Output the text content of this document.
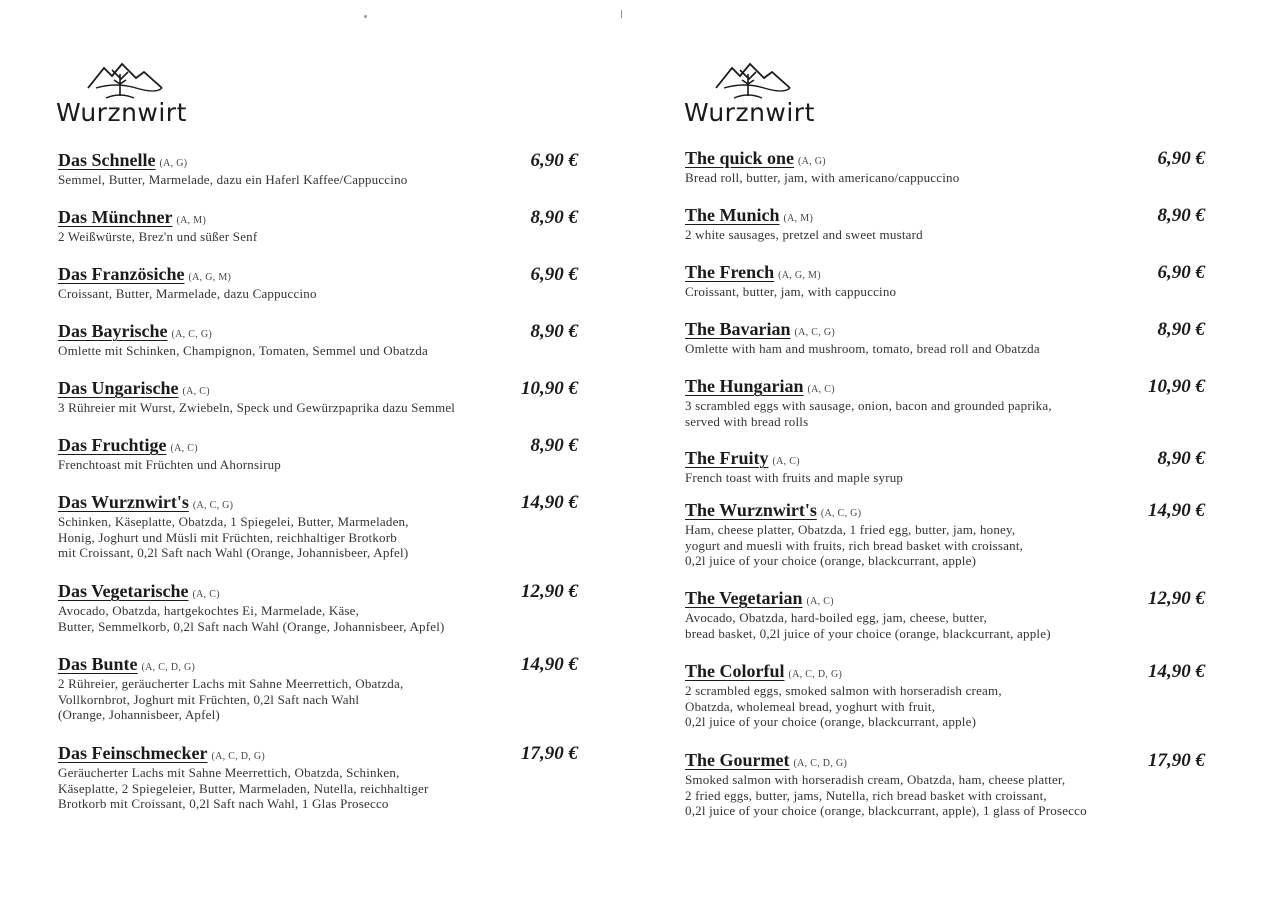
Wurznwirt
Das Schnelle (A, G)	6,90 €
Semmel, Butter, Marmelade, dazu ein Haferl Kaffee/Cappuccino
Das Münchner (A, M)	8,90 €
2 Weißwürste, Brez'n und süßer Senf
Das Französiche (A, G, M)	6,90 €
Croissant, Butter, Marmelade, dazu Cappuccino
Das Bayrische (A, C, G)	8,90 €
Omlette mit Schinken, Champignon, Tomaten, Semmel und Obatzda
Das Ungarische (A, C)	10,90 €
3 Rühreier mit Wurst, Zwiebeln, Speck und Gewürzpaprika dazu Semmel
Das Fruchtige (A, C)	8,90 €
Frenchtoast mit Früchten und Ahornsirup
Das Wurznwirt's (A, C, G)	14,90 €
Schinken, Käseplatte, Obatzda, 1 Spiegelei, Butter, Marmeladen,
Honig, Joghurt und Müsli mit Früchten, reichhaltiger Brotkorb
mit Croissant, 0,2l Saft nach Wahl (Orange, Johannisbeer, Apfel)
Das Vegetarische (A, C)	12,90 €
Avocado, Obatzda, hartgekochtes Ei, Marmelade, Käse,
Butter, Semmelkorb, 0,2l Saft nach Wahl (Orange, Johannisbeer, Apfel)
Das Bunte (A, C, D, G)	14,90 €
2 Rühreier, geräucherter Lachs mit Sahne Meerrettich, Obatzda,
Vollkornbrot, Joghurt mit Früchten, 0,2l Saft nach Wahl
(Orange, Johannisbeer, Apfel)
Das Feinschmecker (A, C, D, G)	17,90 €
Geräucherter Lachs mit Sahne Meerrettich, Obatzda, Schinken,
Käseplatte, 2 Spiegeleier, Butter, Marmeladen, Nutella, reichhaltiger
Brotkorb mit Croissant, 0,2l Saft nach Wahl, 1 Glas Prosecco
Wurznwirt
The quick one (A, G)	6,90 €
Bread roll, butter, jam, with americano/cappuccino
The Munich (A, M)	8,90 €
2 white sausages, pretzel and sweet mustard
The French (A, G, M)	6,90 €
Croissant, butter, jam, with cappuccino
The Bavarian (A, C, G)	8,90 €
Omlette with ham and mushroom, tomato, bread roll and Obatzda
The Hungarian (A, C)	10,90 €
3 scrambled eggs with sausage, onion, bacon and grounded paprika,
served with bread rolls
The Fruity (A, C)	8,90 €
French toast with fruits and maple syrup
The Wurznwirt's (A, C, G)	14,90 €
Ham, cheese platter, Obatzda, 1 fried egg, butter, jam, honey,
yogurt and muesli with fruits, rich bread basket with croissant,
0,2l juice of your choice (orange, blackcurrant, apple)
The Vegetarian (A, C)	12,90 €
Avocado, Obatzda, hard-boiled egg, jam, cheese, butter,
bread basket, 0,2l juice of your choice (orange, blackcurrant, apple)
The Colorful (A, C, D, G)	14,90 €
2 scrambled eggs, smoked salmon with horseradish cream,
Obatzda, wholemeal bread, yoghurt with fruit,
0,2l juice of your choice (orange, blackcurrant, apple)
The Gourmet (A, C, D, G)	17,90 €
Smoked salmon with horseradish cream, Obatzda, ham, cheese platter,
2 fried eggs, butter, jams, Nutella, rich bread basket with croissant,
0,2l juice of your choice (orange, blackcurrant, apple), 1 glass of Prosecco
